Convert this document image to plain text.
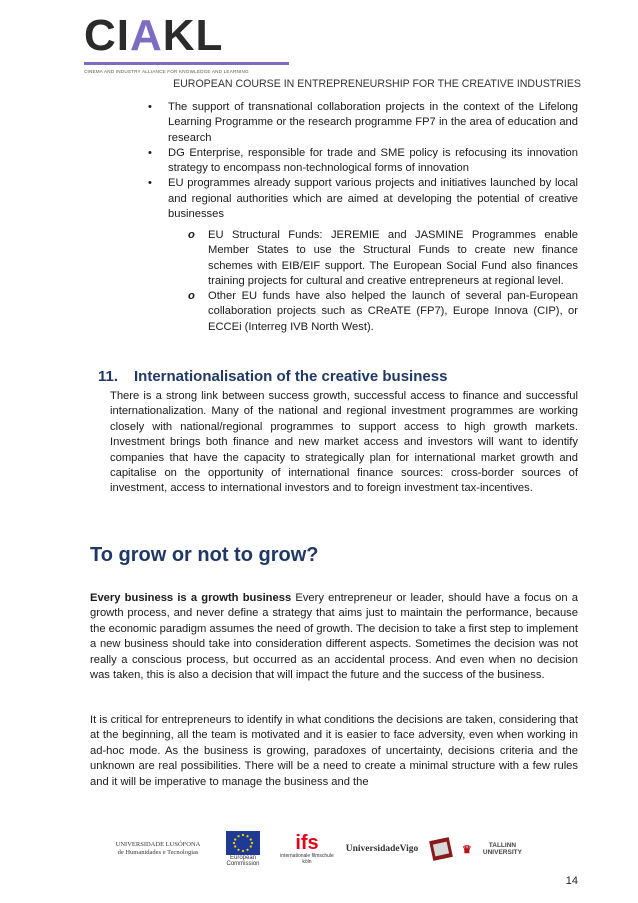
CIAKL
CINEMA AND INDUSTRY ALLIANCE FOR KNOWLEDGE AND LEARNING
EUROPEAN COURSE IN ENTREPRENEURSHIP FOR THE CREATIVE INDUSTRIES
• The support of transnational collaboration projects in the context of the Lifelong Learning Programme or the research programme FP7 in the area of education and research
• DG Enterprise, responsible for trade and SME policy is refocusing its innovation strategy to encompass non-technological forms of innovation
• EU programmes already support various projects and initiatives launched by local and regional authorities which are aimed at developing the potential of creative businesses
o EU Structural Funds: JEREMIE and JASMINE Programmes enable Member States to use the Structural Funds to create new finance schemes with EIB/EIF support. The European Social Fund also finances training projects for cultural and creative entrepreneurs at regional level.
o Other EU funds have also helped the launch of several pan-European collaboration projects such as CReATE (FP7), Europe Innova (CIP), or ECCEi (Interreg IVB North West).
11. Internationalisation of the creative business
There is a strong link between success growth, successful access to finance and successful internationalization. Many of the national and regional investment programmes are working closely with national/regional programmes to support access to high growth markets. Investment brings both finance and new market access and investors will want to identify companies that have the capacity to strategically plan for international market growth and capitalise on the opportunity of international finance sources: cross-border sources of investment, access to international investors and to foreign investment tax-incentives.
To grow or not to grow?
Every business is a growth business Every entrepreneur or leader, should have a focus on a growth process, and never define a strategy that aims just to maintain the performance, because the economic paradigm assumes the need of growth. The decision to take a first step to implement a new business should take into consideration different aspects. Sometimes the decision was not really a conscious process, but occurred as an accidental process. And even when no decision was taken, this is also a decision that will impact the future and the success of the business.
It is critical for entrepreneurs to identify in what conditions the decisions are taken, considering that at the beginning, all the team is motivated and it is easier to face adversity, even when working in ad-hoc mode. As the business is growing, paradoxes of uncertainty, decisions criteria and the unknown are real possibilities. There will be a need to create a minimal structure with a few rules and it will be imperative to manage the business and the
UNIVERSIDADE LUSÓFONA
de Humanidades e Tecnologias
European Commission
ifs
internationale filmschule köln
UniversidadeVigo	♛	TALLINN UNIVERSITY
14
